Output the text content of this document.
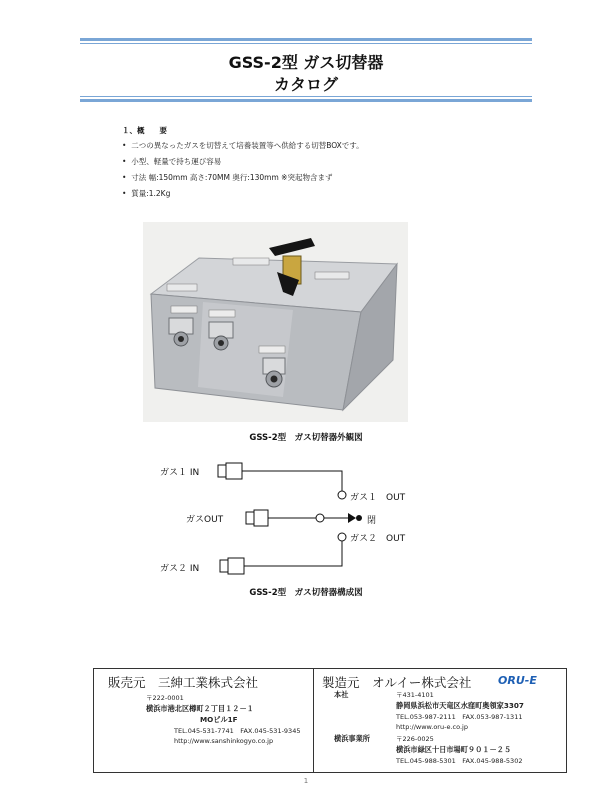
GSS-2型 ガス切替器
カタログ
１、概　　要
•  二つの異なったガスを切替えて培養装置等へ供給する切替BOXです。
•  小型、軽量で持ち運び容易
•  寸法 幅:150mm 高さ:70MM 奥行:130mm ※突起物含まず
•  質量:1.2Kg
GSS-2型　ガス切替器外観図
ガス１ IN
ガス１　OUT
ガスOUT	閉
ガス２　OUT
ガス２ IN
GSS-2型　ガス切替器構成図
販売元　三紳工業株式会社
〒222-0001
横浜市港北区樽町２丁目１２－１
MOビル1F
TEL.045-531-7741　FAX.045-531-9345
http://www.sanshinkogyo.co.jp
製造元　オルイー株式会社 ORU-E
本社	〒431-4101
静岡県浜松市天竜区水窪町奥領家3307
TEL.053-987-2111　FAX.053-987-1311
http://www.oru-e.co.jp
横浜事業所	〒226-0025
横浜市緑区十日市場町９０１－２５
TEL.045-988-5301　FAX.045-988-5302
1
